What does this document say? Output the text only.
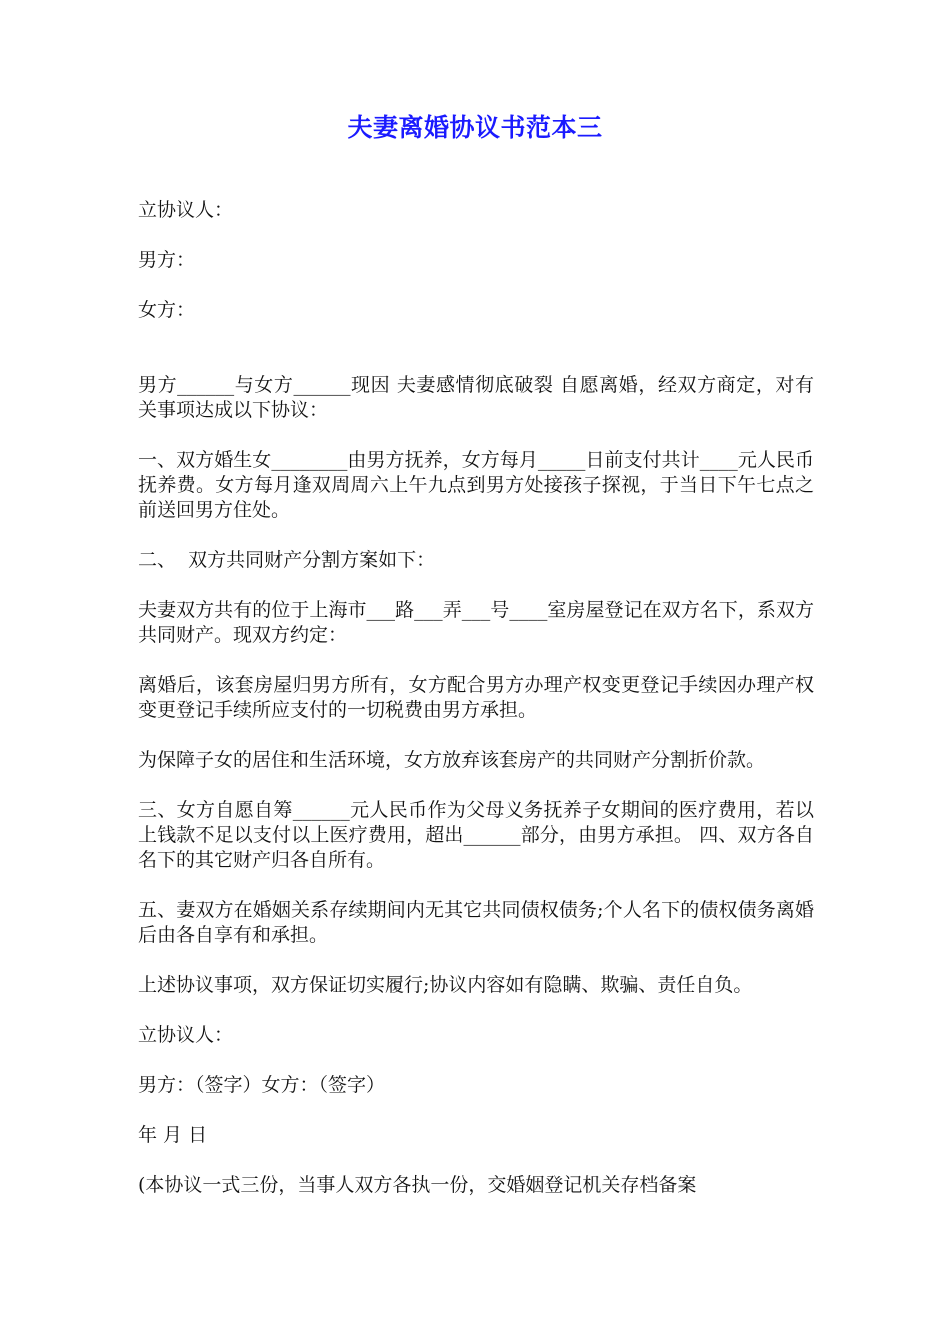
夫妻离婚协议书范本三

立协议人：

男方：

女方：

男方______与女方______现因 夫妻感情彻底破裂 自愿离婚，经双方商定，对有关事项达成以下协议：

一、双方婚生女________由男方抚养，女方每月_____日前支付共计____元人民币抚养费。女方每月逢双周周六上午九点到男方处接孩子探视，于当日下午七点之前送回男方住处。

二、  双方共同财产分割方案如下：

夫妻双方共有的位于上海市___路___弄___号____室房屋登记在双方名下，系双方共同财产。现双方约定：

离婚后，该套房屋归男方所有，女方配合男方办理产权变更登记手续因办理产权变更登记手续所应支付的一切税费由男方承担。

为保障子女的居住和生活环境，女方放弃该套房产的共同财产分割折价款。

三、女方自愿自筹______元人民币作为父母义务抚养子女期间的医疗费用，若以上钱款不足以支付以上医疗费用，超出______部分，由男方承担。 四、双方各自名下的其它财产归各自所有。

五、妻双方在婚姻关系存续期间内无其它共同债权债务;个人名下的债权债务离婚后由各自享有和承担。

上述协议事项，双方保证切实履行;协议内容如有隐瞒、欺骗、责任自负。

立协议人：

男方：（签字）女方：（签字）

年 月 日

(本协议一式三份，当事人双方各执一份，交婚姻登记机关存档备案
